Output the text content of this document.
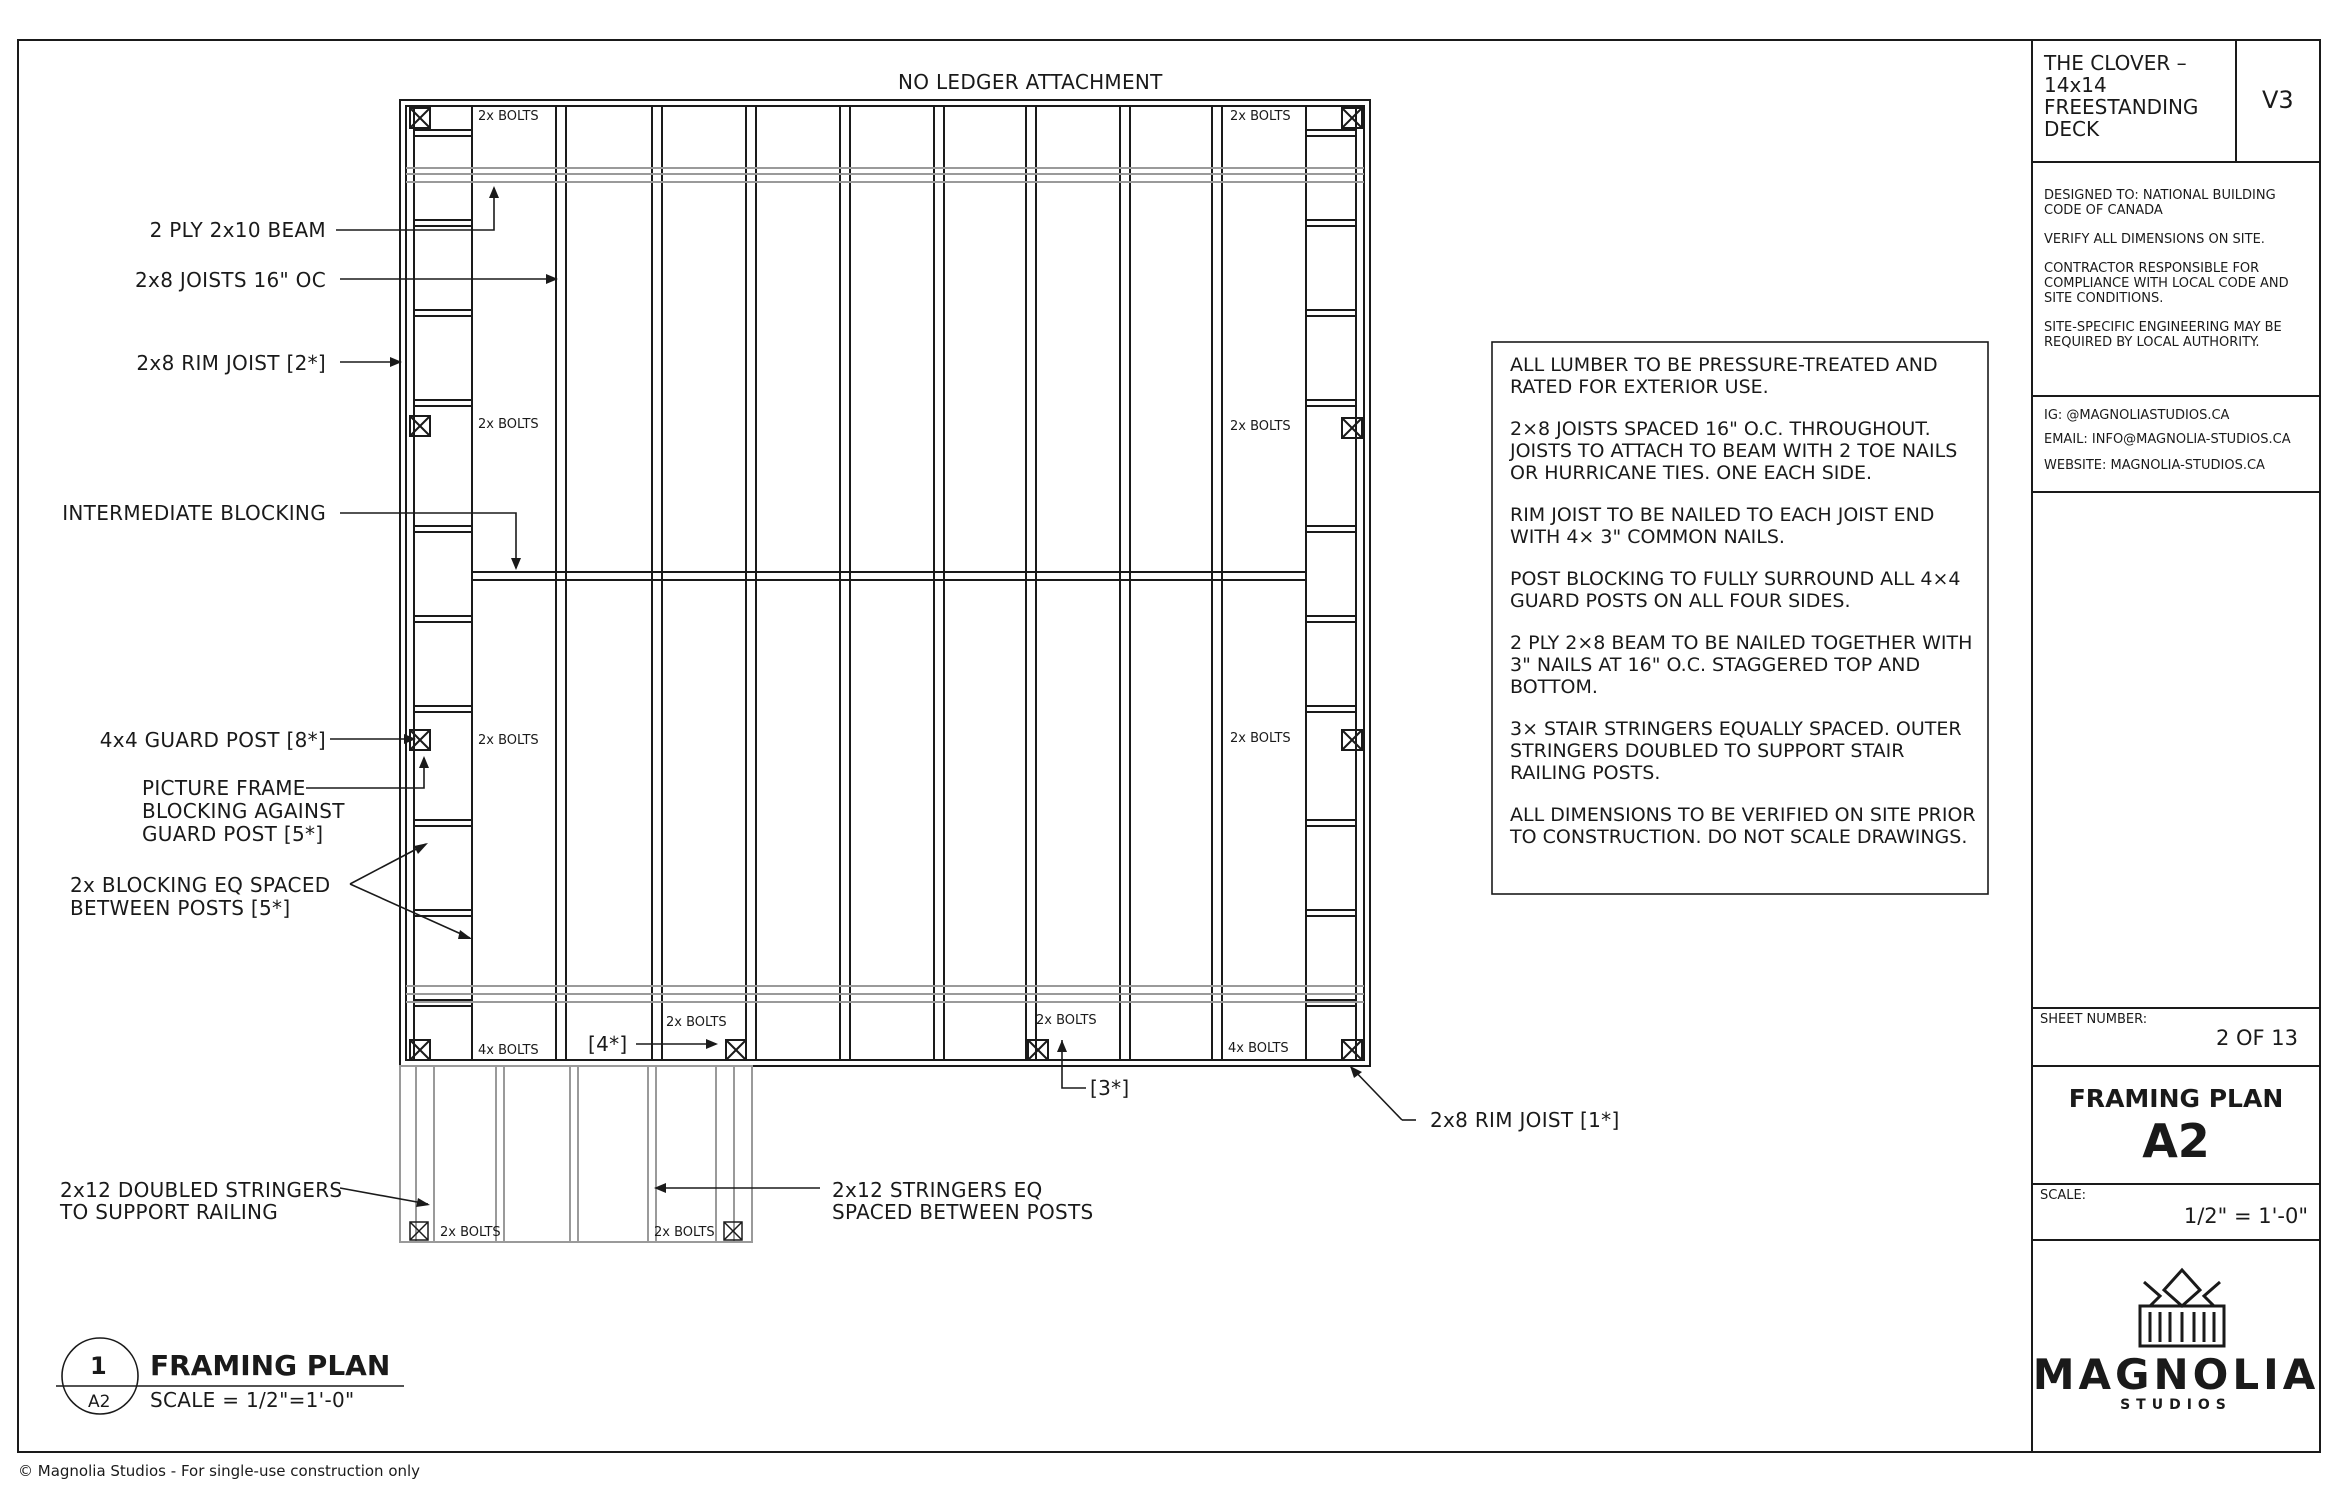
NO LEDGER ATTACHMENT
2x BOLTS	2x BOLTS
2x BOLTS	2x BOLTS
2x BOLTS	2x BOLTS
4x BOLTS	4x BOLTS
2x BOLTS	2x BOLTS
2x BOLTS	2x BOLTS
2 PLY 2x10 BEAM
2x8 JOISTS 16" OC
2x8 RIM JOIST [2*]
INTERMEDIATE BLOCKING
4x4 GUARD POST [8*]
PICTURE FRAME
BLOCKING AGAINST
GUARD POST [5*]
2x BLOCKING EQ SPACED
BETWEEN POSTS [5*]
[4*]
[3*]
2x8 RIM JOIST [1*]
2x12 DOUBLED STRINGERS
TO SUPPORT RAILING
2x12 STRINGERS EQ
SPACED BETWEEN POSTS

ALL LUMBER TO BE PRESSURE-TREATED AND RATED FOR EXTERIOR USE.

2×8 JOISTS SPACED 16" O.C. THROUGHOUT. JOISTS TO ATTACH TO BEAM WITH 2 TOE NAILS OR HURRICANE TIES. ONE EACH SIDE.

RIM JOIST TO BE NAILED TO EACH JOIST END WITH 4× 3" COMMON NAILS.

POST BLOCKING TO FULLY SURROUND ALL 4×4 GUARD POSTS ON ALL FOUR SIDES.

2 PLY 2×8 BEAM TO BE NAILED TOGETHER WITH 3" NAILS AT 16" O.C. STAGGERED TOP AND BOTTOM.

3× STAIR STRINGERS EQUALLY SPACED. OUTER STRINGERS DOUBLED TO SUPPORT STAIR RAILING POSTS.

ALL DIMENSIONS TO BE VERIFIED ON SITE PRIOR TO CONSTRUCTION. DO NOT SCALE DRAWINGS.

1
A2
FRAMING PLAN
SCALE = 1/2"=1'-0"
THE CLOVER – 14x14 FREESTANDING DECK
V3

DESIGNED TO: NATIONAL BUILDING CODE OF CANADA

VERIFY ALL DIMENSIONS ON SITE.

CONTRACTOR RESPONSIBLE FOR COMPLIANCE WITH LOCAL CODE AND SITE CONDITIONS.

SITE-SPECIFIC ENGINEERING MAY BE REQUIRED BY LOCAL AUTHORITY.

IG: @MAGNOLIASTUDIOS.CA
EMAIL: INFO@MAGNOLIA-STUDIOS.CA
WEBSITE: MAGNOLIA-STUDIOS.CA
SHEET NUMBER:
2 OF 13
FRAMING PLAN
A2
SCALE:
1/2" = 1'-0"
MAGNOLIA
STUDIOS
© Magnolia Studios - For single-use construction only
